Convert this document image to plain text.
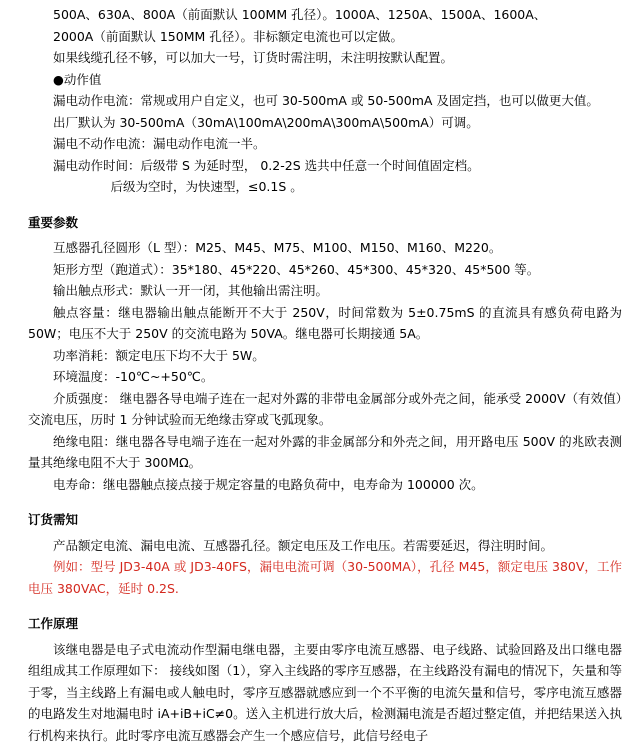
500A、630A、800A（前面默认 100MM 孔径）。1000A、1250A、1500A、1600A、

2000A（前面默认 150MM 孔径）。非标额定电流也可以定做。

如果线缆孔径不够，可以加大一号，订货时需注明，未注明按默认配置。

●动作值

漏电动作电流：常规或用户自定义，也可 30-500mA 或 50-500mA 及固定挡，也可以做更大值。

出厂默认为 30-500mA（30mA\100mA\200mA\300mA\500mA）可调。

漏电不动作电流：漏电动作电流一半。

漏电动作时间：后级带 S 为延时型， 0.2-2S 选共中任意一个时间值固定档。

后级为空时，为快速型，≤0.1S 。

重要参数

互感器孔径圆形（L 型）：M25、M45、M75、M100、M150、M160、M220。

矩形方型（跑道式）：35*180、45*220、45*260、45*300、45*320、45*500 等。

输出触点形式：默认一开一闭，其他输出需注明。

触点容量：继电器输出触点能断开不大于 250V，时间常数为 5±0.75mS 的直流具有感负荷电路为 50W；电压不大于 250V 的交流电路为 50VA。继电器可长期接通 5A。

功率消耗：额定电压下均不大于 5W。

环境温度：-10℃~+50℃。

介质强度： 继电器各导电端子连在一起对外露的非带电金属部分或外壳之间，能承受 2000V（有效值）交流电压，历时 1 分钟试验而无绝缘击穿或飞弧现象。

绝缘电阻：继电器各导电端子连在一起对外露的非金属部分和外壳之间，用开路电压 500V 的兆欧表测量其绝缘电阻不大于 300MΩ。

电寿命：继电器触点接点接于规定容量的电路负荷中，电寿命为 100000 次。

订货需知

产品额定电流、漏电电流、互感器孔径。额定电压及工作电压。若需要延迟，得注明时间。

例如：型号 JD3-40A 或 JD3-40FS，漏电电流可调（30-500MA），孔径 M45，额定电压 380V，工作电压 380VAC，延时 0.2S.

工作原理

该继电器是电子式电流动作型漏电继电器，主要由零序电流互感器、电子线路、试验回路及出口继电器组组成其工作原理如下： 接线如图（1），穿入主线路的零序互感器，在主线路没有漏电的情况下，矢量和等于零，当主线路上有漏电或人触电时，零序互感器就感应到一个不平衡的电流矢量和信号，零序电流互感器的电路发生对地漏电时 iA+iB+iC≠0。送入主机进行放大后，检测漏电流是否超过整定值，并把结果送入执行机构来执行。此时零序电流互感器会产生一个感应信号，此信号经电子
